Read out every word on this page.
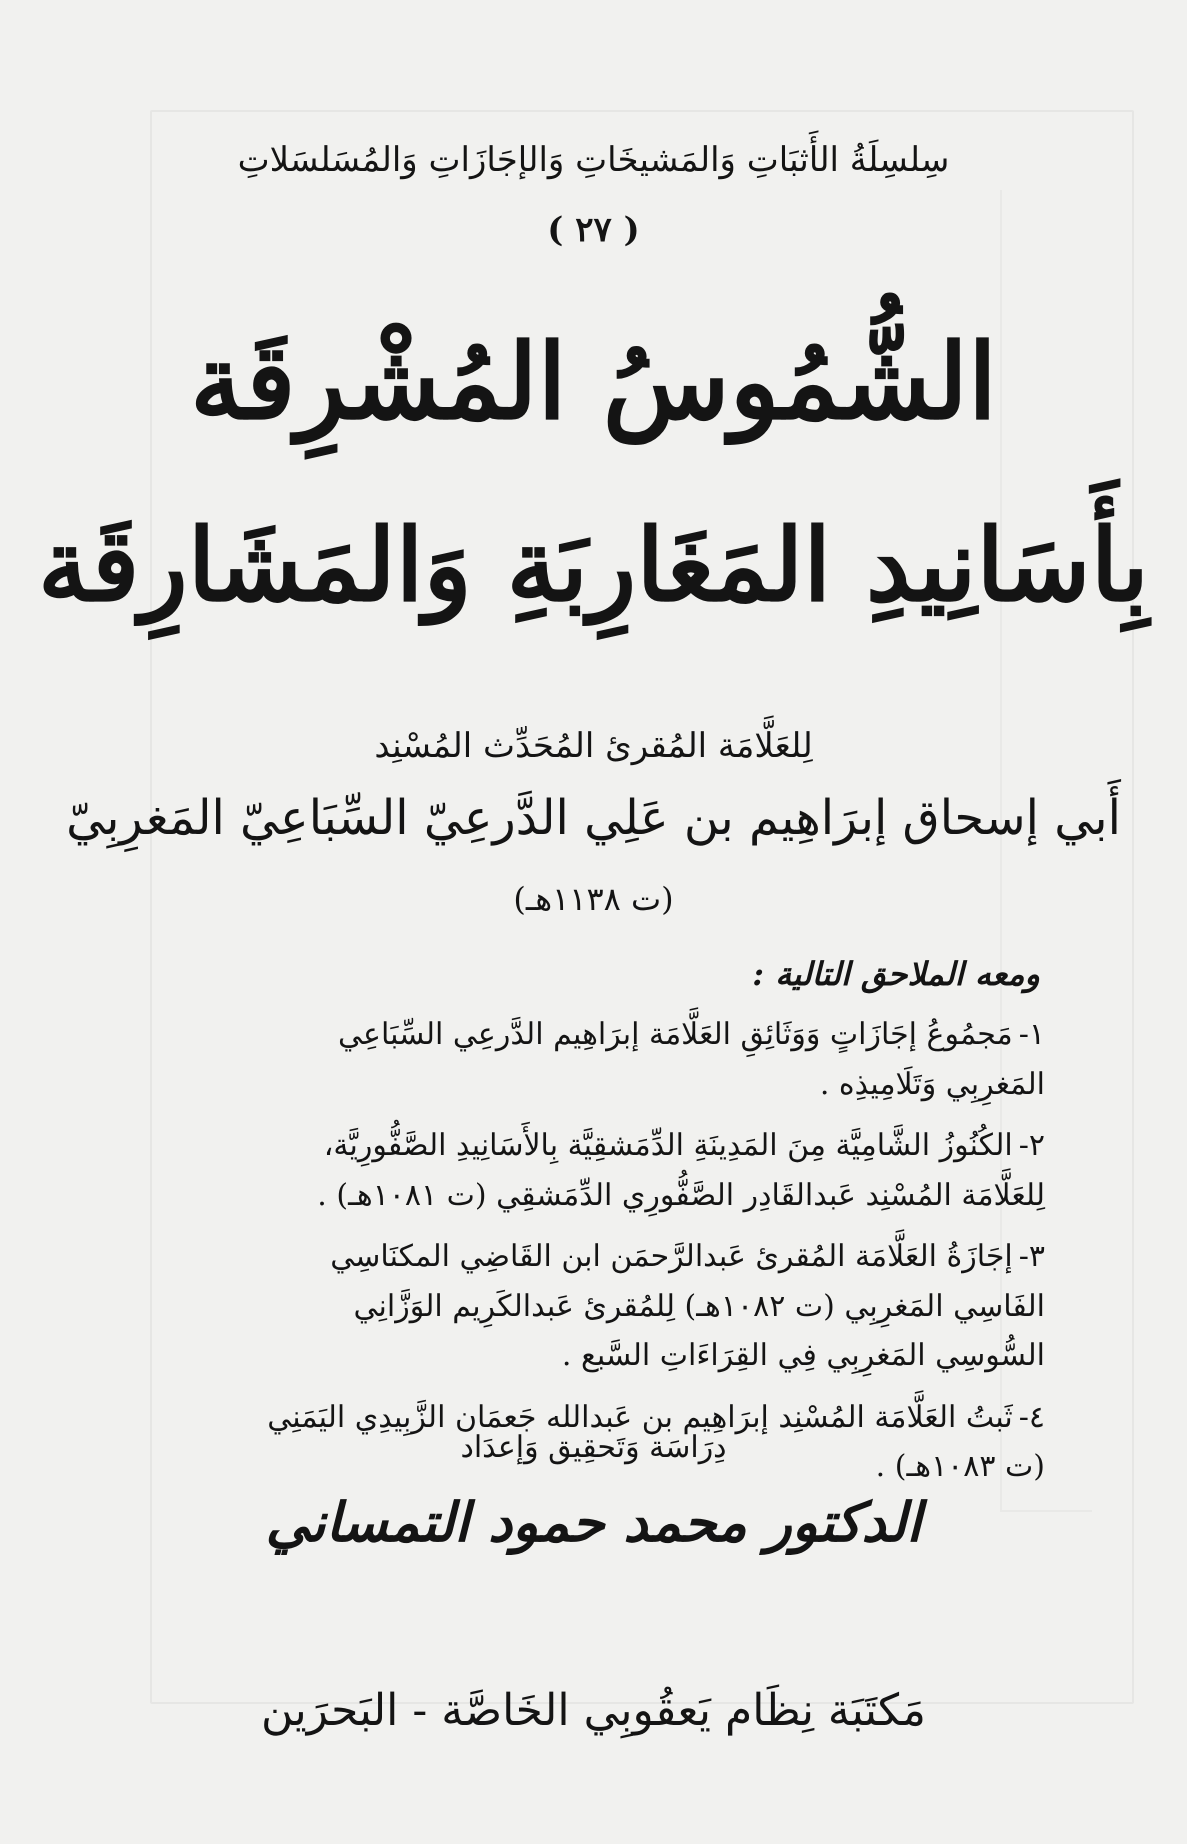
سِلسِلَةُ الأَثبَاتِ وَالمَشيخَاتِ وَالإجَازَاتِ وَالمُسَلسَلاتِ
( ٢٧ )
الشُّمُوسُ المُشْرِقَة
بِأَسَانِيدِ المَغَارِبَةِ وَالمَشَارِقَة
لِلعَلَّامَة المُقرئ المُحَدِّث المُسْنِد
أَبي إسحاق إبرَاهِيم بن عَلِي الدَّرعِيّ السِّبَاعِيّ المَغرِبِيّ
(ت ١١٣٨هـ)
ومعه الملاحق التالية :
١-مَجمُوعُ إجَازَاتٍ وَوَثَائِقِ العَلَّامَة إبرَاهِيم الدَّرعِي السِّبَاعِي المَغرِبِي وَتَلَامِيذِه .
٢-الكُنُوزُ الشَّامِيَّة مِنَ المَدِينَةِ الدِّمَشقِيَّة بِالأَسَانِيدِ الصَّفُّورِيَّة، لِلعَلَّامَة المُسْنِد عَبدالقَادِر الصَّفُّورِي الدِّمَشقِي (ت ١٠٨١هـ) .
٣-إجَازَةُ العَلَّامَة المُقرئ عَبدالرَّحمَن ابن القَاضِي المكنَاسِي الفَاسِي المَغرِبِي (ت ١٠٨٢هـ) لِلمُقرئ عَبدالكَرِيم الوَزَّانِي السُّوسِي المَغرِبِي فِي القِرَاءَاتِ السَّبع .
٤-ثَبتُ العَلَّامَة المُسْنِد إبرَاهِيم بن عَبدالله جَعمَان الزَّبِيدِي اليَمَنِي (ت ١٠٨٣هـ) .
دِرَاسَة وَتَحقِيق وَإعدَاد
الدكتور محمد حمود التمساني
مَكتَبَة نِظَام يَعقُوبِي الخَاصَّة - البَحرَين
